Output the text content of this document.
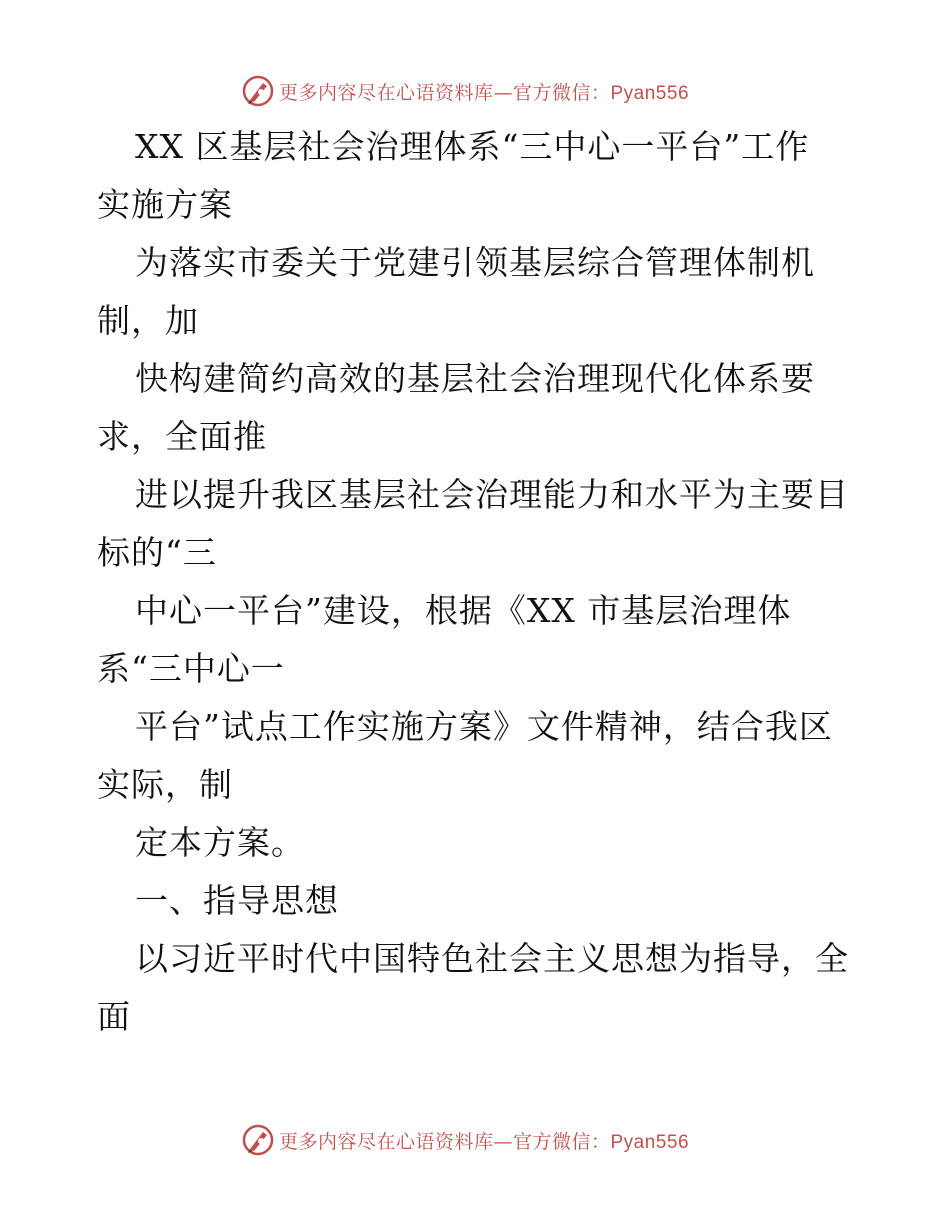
更多内容尽在心语资料库—官方微信：Pyan556
XX 区基层社会治理体系“三中心一平台”工作
实施方案
为落实市委关于党建引领基层综合管理体制机
制，加
快构建简约高效的基层社会治理现代化体系要
求，全面推
进以提升我区基层社会治理能力和水平为主要目
标的“三
中心一平台”建设，根据《XX 市基层治理体
系“三中心一
平台”试点工作实施方案》文件精神，结合我区
实际，制
定本方案。
一、指导思想
以习近平时代中国特色社会主义思想为指导，全
面
更多内容尽在心语资料库—官方微信：Pyan556
